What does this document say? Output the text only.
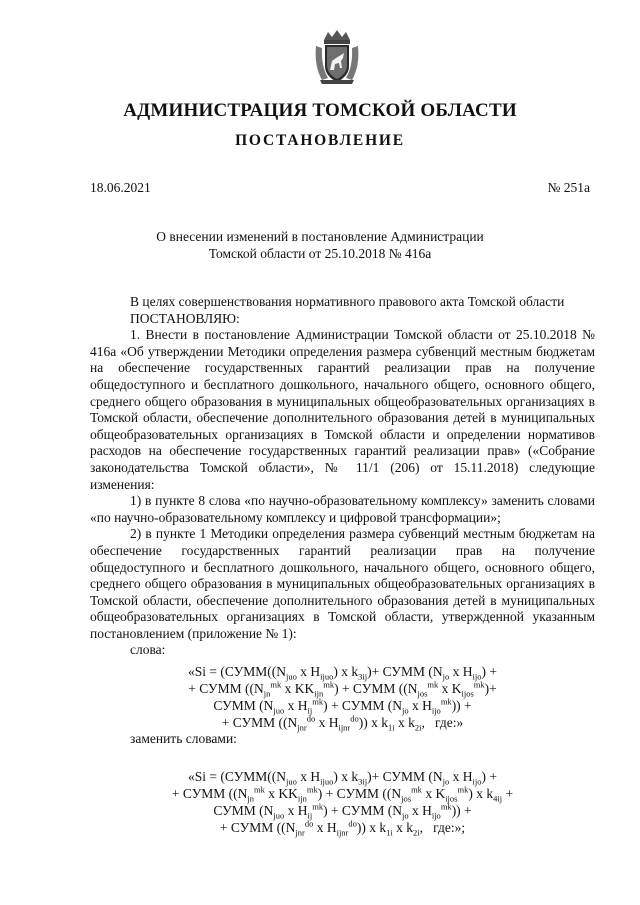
АДМИНИСТРАЦИЯ ТОМСКОЙ ОБЛАСТИ
ПОСТАНОВЛЕНИЕ
18.06.2021	№ 251а
О внесении изменений в постановление Администрации
Томской области от 25.10.2018 № 416а

В целях совершенствования нормативного правового акта Томской области

ПОСТАНОВЛЯЮ:

1. Внести в постановление Администрации Томской области от 25.10.2018 № 416а «Об утверждении Методики определения размера субвенций местным бюджетам на обеспечение государственных гарантий реализации прав на получение общедоступного и бесплатного дошкольного, начального общего, основного общего, среднего общего образования в муниципальных общеобразовательных организациях в Томской области, обеспечение дополнительного образования детей в муниципальных общеобразовательных организациях в Томской области и определении нормативов расходов на обеспечение государственных гарантий реализации прав» («Собрание законодательства Томской области», № 11/1 (206) от 15.11.2018) следующие изменения:

1) в пункте 8 слова «по научно-образовательному комплексу» заменить словами «по научно-образовательному комплексу и цифровой трансформации»;

2) в пункте 1 Методики определения размера субвенций местным бюджетам на обеспечение государственных гарантий реализации прав на получение общедоступного и бесплатного дошкольного, начального общего, основного общего, среднего общего образования в муниципальных общеобразовательных организациях в Томской области, обеспечение дополнительного образования детей в муниципальных общеобразовательных организациях в Томской области, утвержденной указанным постановлением (приложение № 1):

слова:

«$Si = (СУММ((N_{juo}$ x $H_{ijuo}$) x $k_{3ij})+$ СУММ ($N_{jo}$ x $H_{ijo}$) +
+ СУММ (($N_{jn}^{mk}$ x $KK_{ijn}^{mk}$) + СУММ (($N_{jos}^{mk}$ x $K_{ijos}^{mk})+$
СУММ ($N_{juo}$ x $H_{ij}^{mk}$) + СУММ ($N_{jo}$ x $H_{ijo}^{mk}$)) +
+ СУММ (($N_{jnr}^{do}$ x $H_{ijnr}^{do}$)) x $k_{1i}$ x $k_{2i}$,   где:»

заменить словами:

«$Si = (СУММ((N_{juo}$ x $H_{ijuo}$) x $k_{3ij})+$ СУММ ($N_{jo}$ x $H_{ijo}$) +
+ СУММ (($N_{jn}^{mk}$ x $KK_{ijn}^{mk}$) + СУММ (($N_{jos}^{mk}$ x $K_{ijos}^{mk}$) x $k_{4ij}$ +
СУММ ($N_{juo}$ x $H_{ij}^{mk}$) + СУММ ($N_{jo}$ x $H_{ijo}^{mk}$)) +
+ СУММ (($N_{jnr}^{do}$ x $H_{ijnr}^{do}$)) x $k_{1i}$ x $k_{2i}$,   где:»;
